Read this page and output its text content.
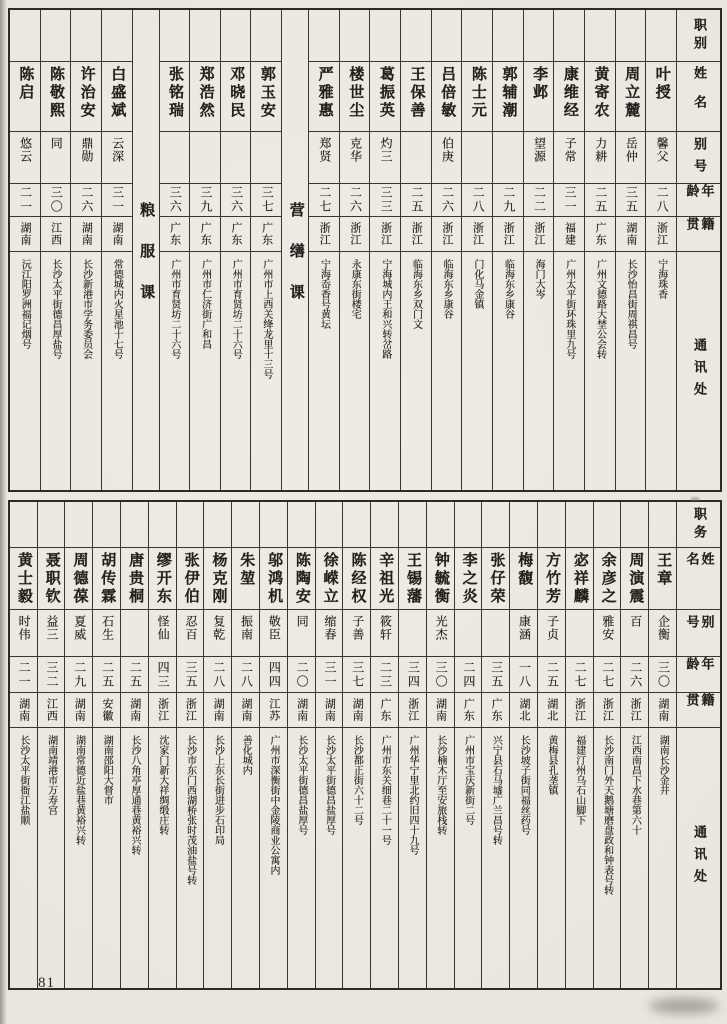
职别
姓名
别号
年龄
籍贯
通讯处
叶授
馨父
二八
浙江
宁海珠香
周立麓
岳仲
三五
湖南
长沙怡昌街周祺昌号
黄寄农
力耕
二五
广东
广州文德路大埜公会转
康维经
子常
三一
福建
广州太平街环珠里九号
李邺
望源
二二
浙江
海门大岑
郭辅潮
二九
浙江
临海东乡康谷
陈士元
二八
浙江
门化马金镇
吕倍敏
伯庚
二六
浙江
临海东乡康谷
王保善
二五
浙江
临海东乡双门文
葛振英
灼三
三三
浙江
宁海城内王和兴转岔路
楼世尘
克华
二六
浙江
永康东街楼宅
严雅惠
郑贤
二七
浙江
宁海岙香号黄坛
营缮课
郭玉安
三七
广东
广州市上西关绛龙里十三号
邓晓民
三六
广东
广州市育贤坊二十六号
郑浩然
三九
广东
广州市仁济街广和昌
张铭瑞
三六
广东
广州市育贤坊二十六号
粮服课
白盛斌
云深
三一
湖南
常德城内火星池十七号
许治安
鼎勋
二六
湖南
长沙新港市学务委员会
陈敬熙
同
三〇
江西
长沙太平街德昌厚盐号
陈启
悠云
二一
湖南
沅江阳罗洲福记烟号
职务
姓名
别号
年龄
籍贯
通讯处
王章
企衡
三〇
湖南
湖南长沙金井
周演震
百
二六
浙江
江西南昌下水巷第六十
余彦之
雅安
二七
浙江
长沙南门外天鹅塘磨盘政和钟表号转
宓祥麟
二七
浙江
福建汀州乌石山脚下
方竹芳
子贞
二五
湖北
黄梅县孔垄镇
梅馥
康涵
一八
湖北
长沙坡子街同福丝药号
张仔荣
三五
广东
兴宁县石马墟广兰昌号转
李之炎
二四
广东
广州市宝庆新街二号
钟毓衡
光杰
三〇
湖南
长沙楠木厅至安旅栈转
王锡藩
三四
浙江
广州华宁里北约旧四十九号
辛祖光
筱轩
二三
广东
广州市东关细巷二十一号
陈经权
子善
三七
湖南
长沙都正街六十二号
徐嵘立
缩春
三一
湖南
长沙太平街德昌盐厚号
陈陶安
同
二〇
湖南
长沙太平街德昌盐厚号
邬鸿机
敬臣
四四
江苏
广州市深衡街中金陵商业公寓内
朱堃
振南
二八
湖南
善化城内
杨克刚
复乾
二八
湖南
长沙上东长街进步石印局
张伊伯
忍百
三五
浙江
长沙市东门西湖桥张时茂油盐号转
缪开东
怪仙
四三
浙江
沈家门新大祥绸缎庄转
唐贵桐
二五
湖南
长沙八角亭厚通巷黄裕兴转
胡传霖
石生
二五
安徽
湖南邵阳大督市
周德葆
夏威
二九
湖南
湖南常德近盐巷黄裕兴转
聂职钦
益三
三二
江西
湖南靖港市万寿宫
黄士毅
时伟
二一
湖南
长沙太平街衙江盐顺
81
